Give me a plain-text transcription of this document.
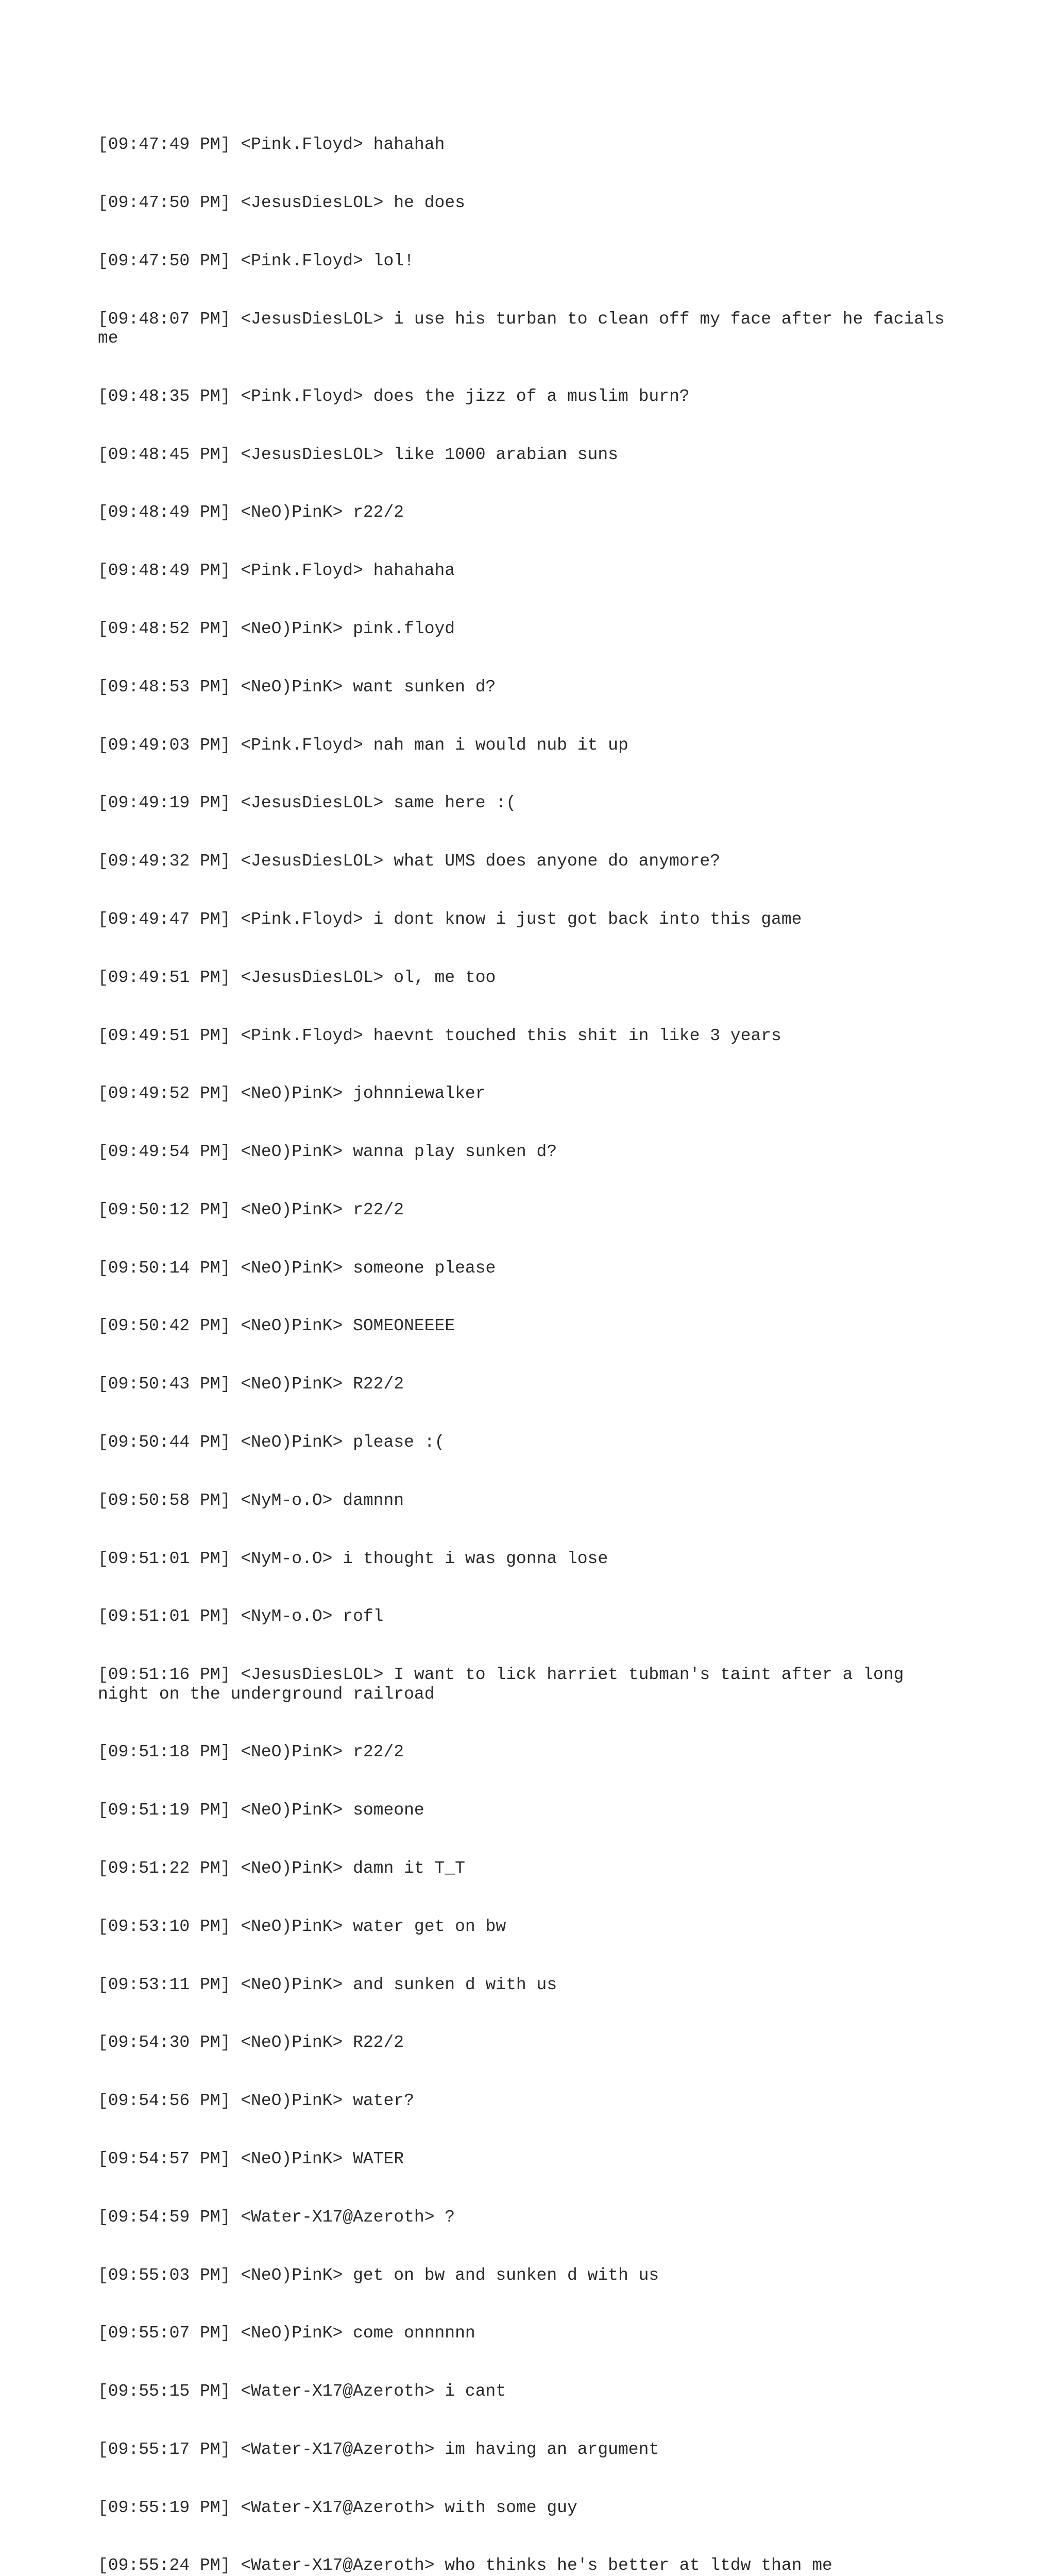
[09:47:49 PM] <Pink.Floyd> hahahah

[09:47:50 PM] <JesusDiesLOL> he does

[09:47:50 PM] <Pink.Floyd> lol!

[09:48:07 PM] <JesusDiesLOL> i use his turban to clean off my face after he facials me

[09:48:35 PM] <Pink.Floyd> does the jizz of a muslim burn?

[09:48:45 PM] <JesusDiesLOL> like 1000 arabian suns

[09:48:49 PM] <NeO)PinK> r22/2

[09:48:49 PM] <Pink.Floyd> hahahaha

[09:48:52 PM] <NeO)PinK> pink.floyd

[09:48:53 PM] <NeO)PinK> want sunken d?

[09:49:03 PM] <Pink.Floyd> nah man i would nub it up

[09:49:19 PM] <JesusDiesLOL> same here :(

[09:49:32 PM] <JesusDiesLOL> what UMS does anyone do anymore?

[09:49:47 PM] <Pink.Floyd> i dont know i just got back into this game

[09:49:51 PM] <JesusDiesLOL> ol, me too

[09:49:51 PM] <Pink.Floyd> haevnt touched this shit in like 3 years

[09:49:52 PM] <NeO)PinK> johnniewalker

[09:49:54 PM] <NeO)PinK> wanna play sunken d?

[09:50:12 PM] <NeO)PinK> r22/2

[09:50:14 PM] <NeO)PinK> someone please

[09:50:42 PM] <NeO)PinK> SOMEONEEEE

[09:50:43 PM] <NeO)PinK> R22/2

[09:50:44 PM] <NeO)PinK> please :(

[09:50:58 PM] <NyM-o.O> damnnn

[09:51:01 PM] <NyM-o.O> i thought i was gonna lose

[09:51:01 PM] <NyM-o.O> rofl

[09:51:16 PM] <JesusDiesLOL> I want to lick harriet tubman's taint after a long night on the underground railroad

[09:51:18 PM] <NeO)PinK> r22/2

[09:51:19 PM] <NeO)PinK> someone

[09:51:22 PM] <NeO)PinK> damn it T_T

[09:53:10 PM] <NeO)PinK> water get on bw

[09:53:11 PM] <NeO)PinK> and sunken d with us

[09:54:30 PM] <NeO)PinK> R22/2

[09:54:56 PM] <NeO)PinK> water?

[09:54:57 PM] <NeO)PinK> WATER

[09:54:59 PM] <Water-X17@Azeroth> ?

[09:55:03 PM] <NeO)PinK> get on bw and sunken d with us

[09:55:07 PM] <NeO)PinK> come onnnnnn

[09:55:15 PM] <Water-X17@Azeroth> i cant

[09:55:17 PM] <Water-X17@Azeroth> im having an argument

[09:55:19 PM] <Water-X17@Azeroth> with some guy

[09:55:24 PM] <Water-X17@Azeroth> who thinks he's better at ltdw than me
